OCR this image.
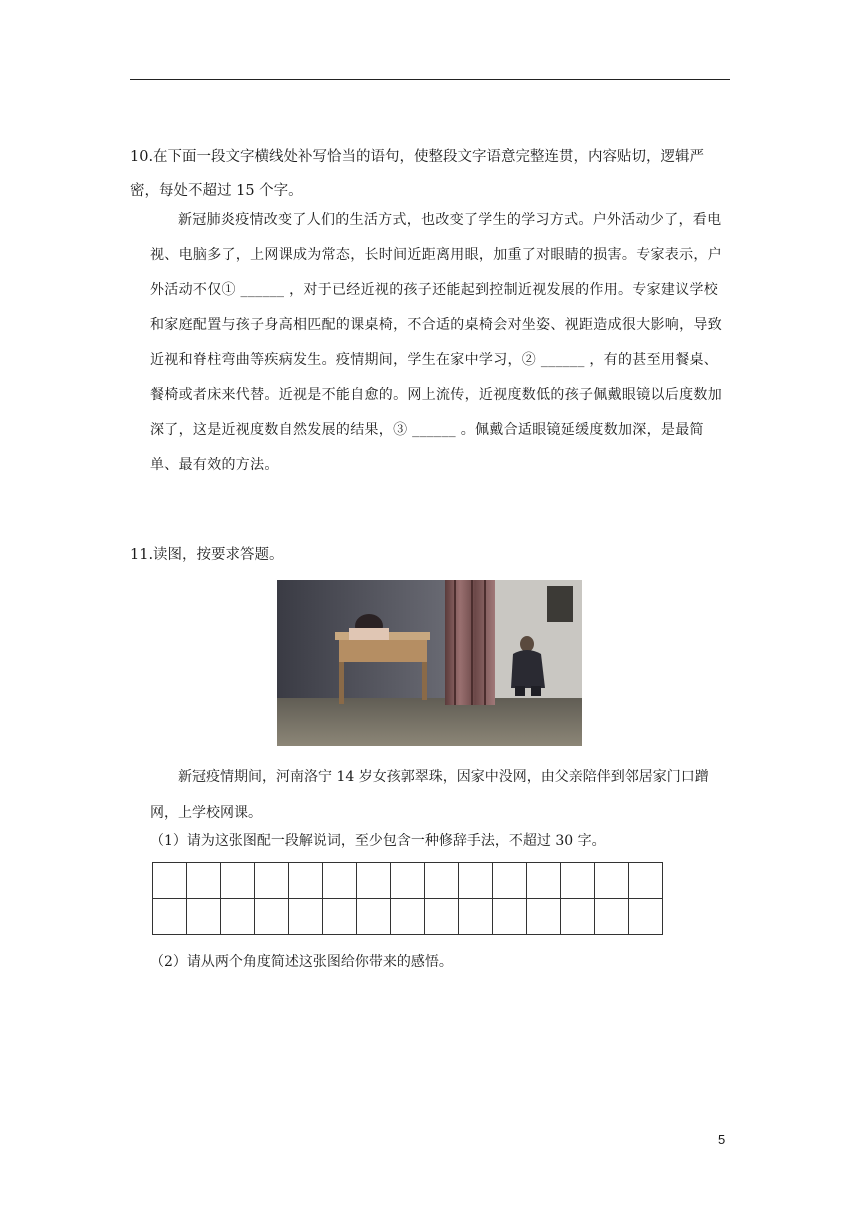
10.在下面一段文字横线处补写恰当的语句，使整段文字语意完整连贯，内容贴切，逻辑严密，每处不超过 15 个字。
新冠肺炎疫情改变了人们的生活方式，也改变了学生的学习方式。户外活动少了，看电视、电脑多了，上网课成为常态，长时间近距离用眼，加重了对眼睛的损害。专家表示，户外活动不仅① ______ ，对于已经近视的孩子还能起到控制近视发展的作用。专家建议学校和家庭配置与孩子身高相匹配的课桌椅，不合适的桌椅会对坐姿、视距造成很大影响，导致近视和脊柱弯曲等疾病发生。疫情期间，学生在家中学习，② ______ ，有的甚至用餐桌、餐椅或者床来代替。近视是不能自愈的。网上流传，近视度数低的孩子佩戴眼镜以后度数加深了，这是近视度数自然发展的结果，③ ______ 。佩戴合适眼镜延缓度数加深，是最简单、最有效的方法。
11.读图，按要求答题。
新冠疫情期间，河南洛宁 14 岁女孩郭翠珠，因家中没网，由父亲陪伴到邻居家门口蹭网，上学校网课。
（1）请为这张图配一段解说词，至少包含一种修辞手法，不超过 30 字。
（2）请从两个角度简述这张图给你带来的感悟。
5
